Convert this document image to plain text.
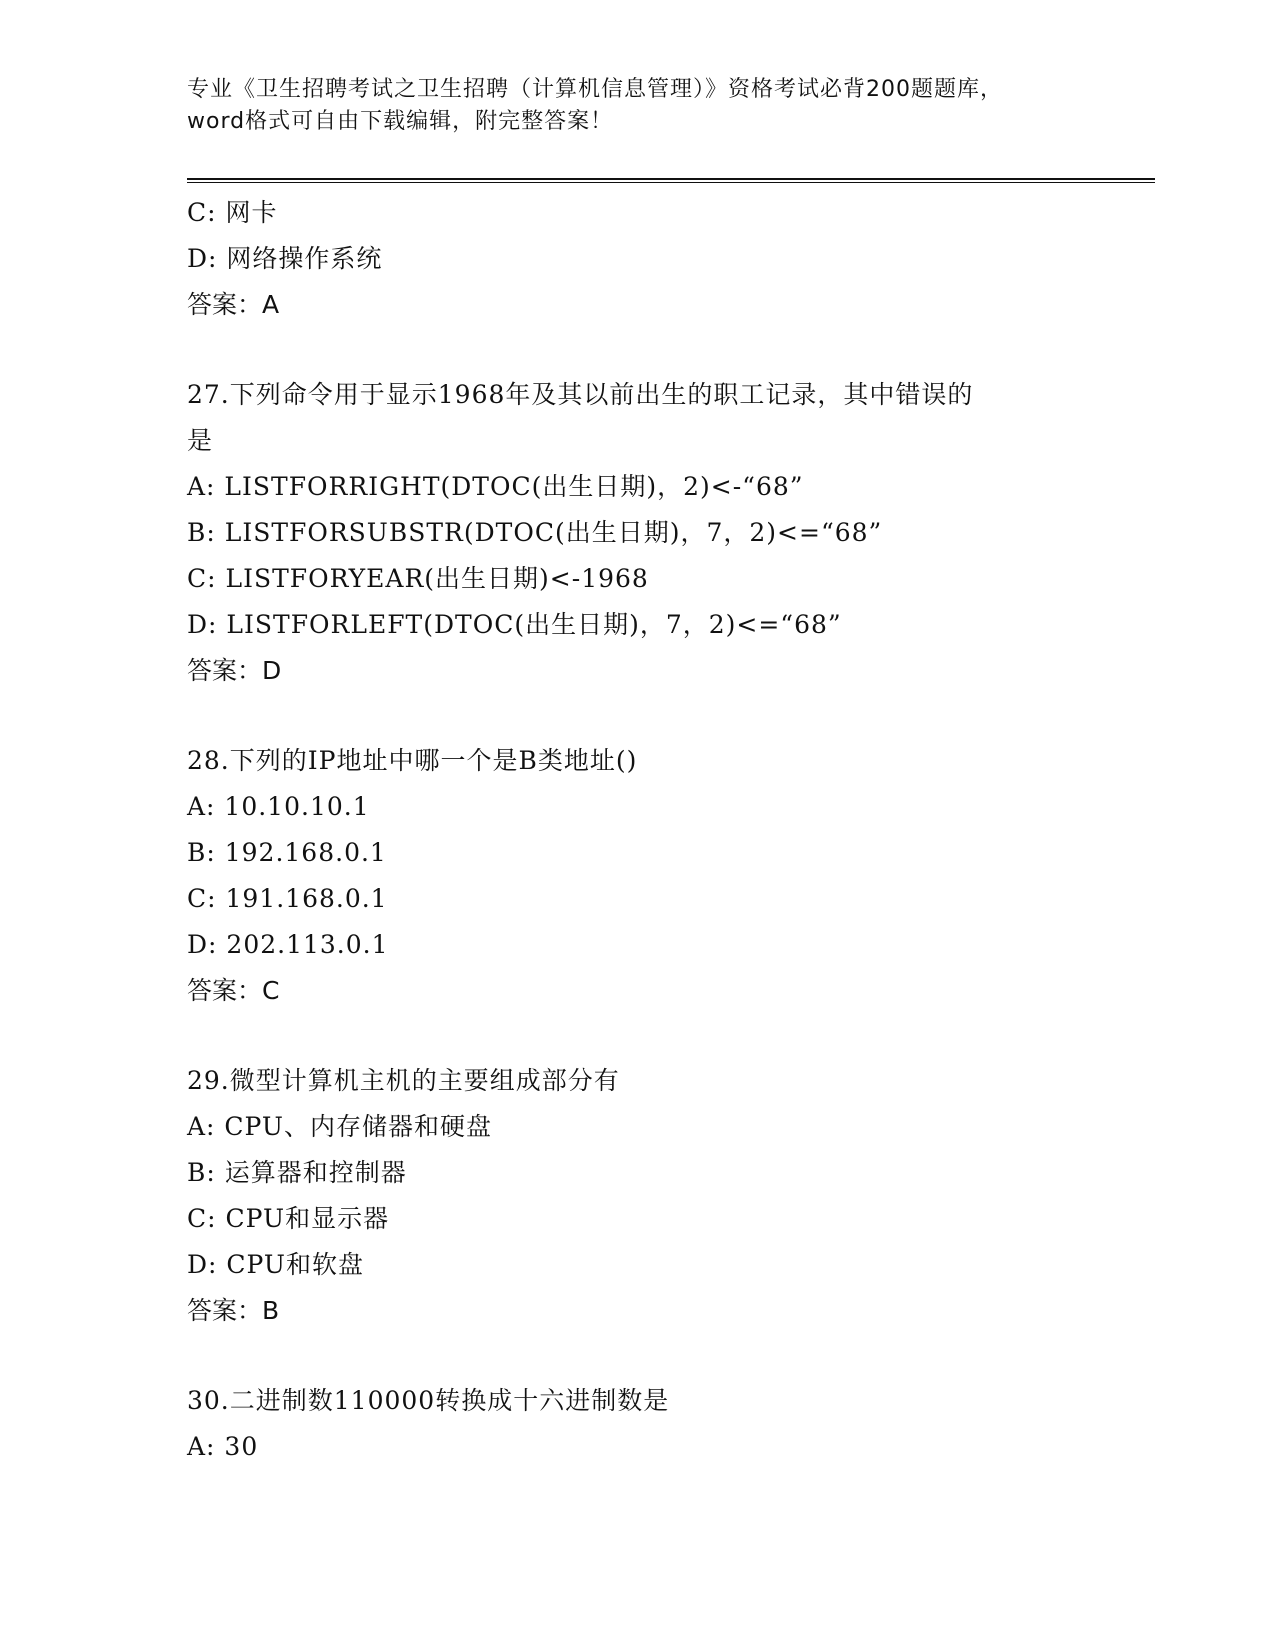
专业《卫生招聘考试之卫生招聘（计算机信息管理）》资格考试必背200题题库，
word格式可自由下载编辑，附完整答案！
C: 网卡
D: 网络操作系统
答案：A
27.下列命令用于显示1968年及其以前出生的职工记录，其中错误的
是
A: LISTFORRIGHT(DTOC(出生日期)，2)<-“68”
B: LISTFORSUBSTR(DTOC(出生日期)，7，2)<=“68”
C: LISTFORYEAR(出生日期)<-1968
D: LISTFORLEFT(DTOC(出生日期)，7，2)<=“68”
答案：D
28.下列的IP地址中哪一个是B类地址()
A: 10.10.10.1
B: 192.168.0.1
C: 191.168.0.1
D: 202.113.0.1
答案：C
29.微型计算机主机的主要组成部分有
A: CPU、内存储器和硬盘
B: 运算器和控制器
C: CPU和显示器
D: CPU和软盘
答案：B
30.二进制数110000转换成十六进制数是
A: 30
